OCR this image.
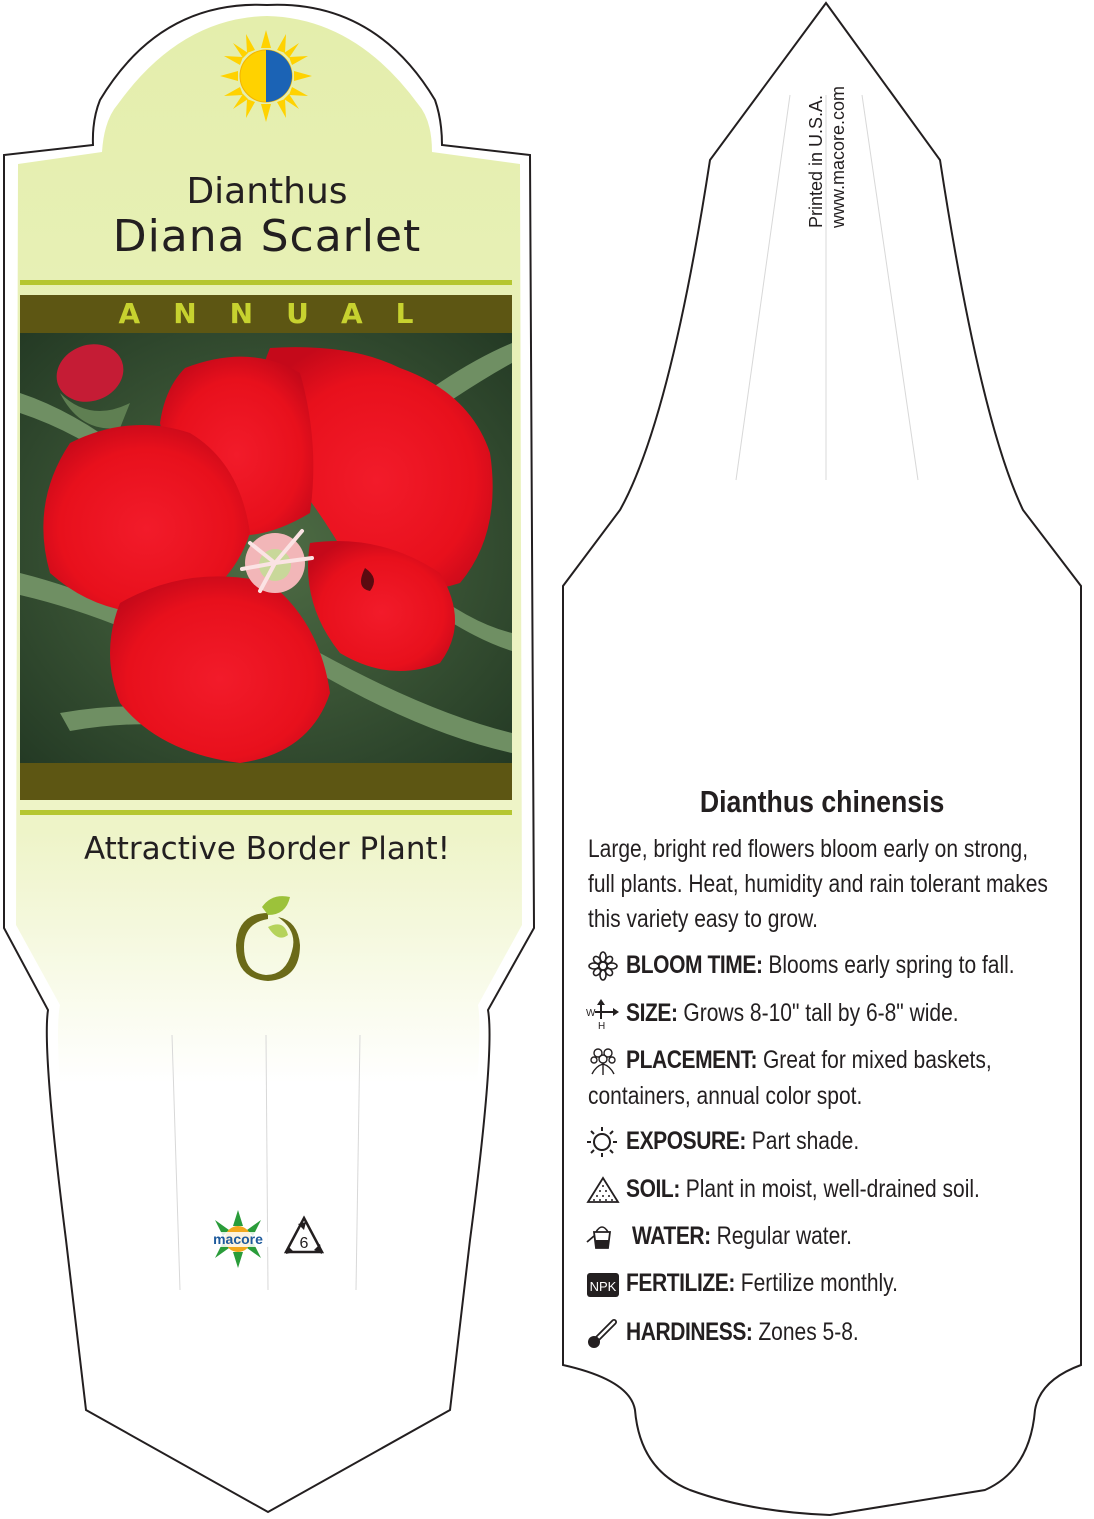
Dianthus
Diana Scarlet
ANNUAL
Attractive Border Plant!
macore 6
Printed in U.S.A. www.macore.com
Dianthus chinensis
Large, bright red flowers bloom early on strong,
full plants. Heat, humidity and rain tolerant makes
this variety easy to grow.
BLOOM TIME: Blooms early spring to fall.
W
H SIZE: Grows 8-10" tall by 6-8" wide.
PLACEMENT: Great for mixed baskets,
containers, annual color spot.
EXPOSURE: Part shade.
SOIL: Plant in moist, well-drained soil.
WATER: Regular water.
NPK FERTILIZE: Fertilize monthly.
HARDINESS: Zones 5-8.
